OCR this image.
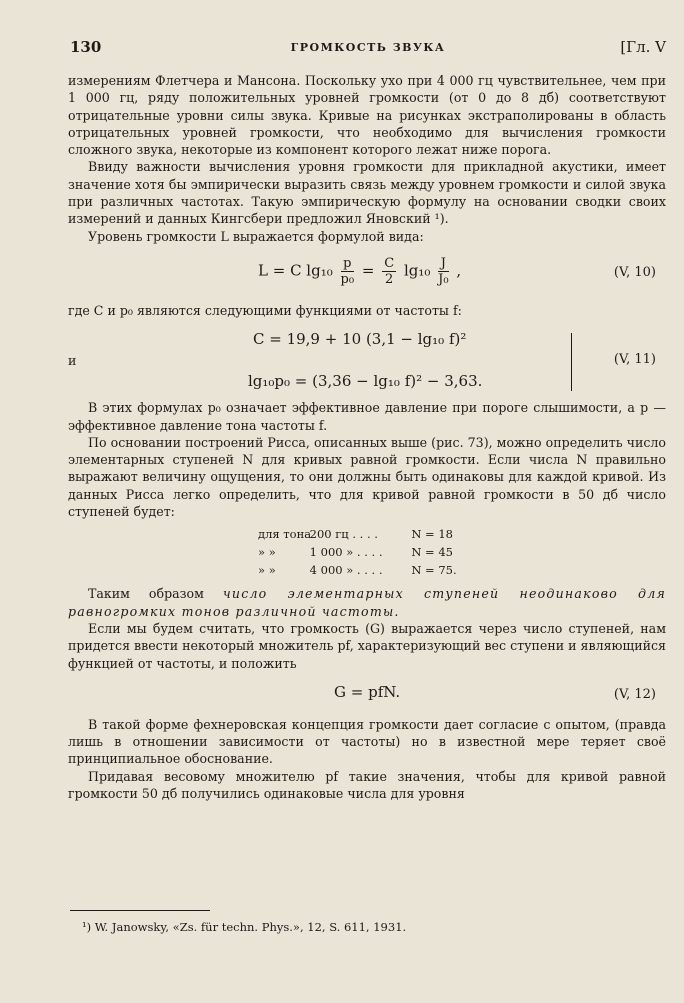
130	ГРОМКОСТЬ ЗВУКА	[Гл. V

измерениям Флетчера и Мансона. Поскольку ухо при 4 000 гц чувствительнее, чем при 1 000 гц, ряду положительных уровней громкости (от 0 до 8 дб) соответствуют отрицательные уровни силы звука. Кривые на рисунках экстраполированы в область отрицательных уровней громкости, что необходимо для вычисления громкости сложного звука, некоторые из компонент которого лежат ниже порога.

Ввиду важности вычисления уровня громкости для прикладной акустики, имеет значение хотя бы эмпирически выразить связь между уровнем громкости и силой звука при различных частотах. Такую эмпирическую формулу на основании сводки своих измерений и данных Кингсбери предложил Яновский ¹).

Уровень громкости L выражается формулой вида:

L = C $\lg_{10} \frac{p}{\text{p₀}} = \frac{C}{2} \lg_{10} \frac{J}{\text{J₀}}$ ,	(V, 10)

где C и p₀ являются следующими функциями от частоты f:

C = 19,9 + 10 (3,1 − lg₁₀ f)²
и
lg₁₀p₀ = (3,36 − lg₁₀ f)² − 3,63.
(V, 11)

В этих формулах p₀ означает эффективное давление при пороге слышимости, а p — эффективное давление тона частоты f.

По основании построений Рисса, описанных выше (рис. 73), можно определить число элементарных ступеней N для кривых равной громкости. Если числа N правильно выражают величину ощущения, то они должны быть одинаковы для каждой кривой. Из данных Рисса легко определить, что для кривой равной громкости в 50 дб число ступеней будет:

для тона 200 гц . . . .	N = 18
» »	1 000 » . . . .	N = 45
» »	4 000 » . . . .	N = 75.

Таким образом число элементарных ступеней неодинаково для равногромких тонов различной частоты.

Если мы будем считать, что громкость (G) выражается через число ступеней, нам придется ввести некоторый множитель pf, характеризующий вес ступени и являющийся функцией от частоты, и положить

G = pfN.	(V, 12)

В такой форме фехнеровская концепция громкости дает согласие с опытом, (правда лишь в отношении зависимости от частоты) но в известной мере теряет своё принципиальное обоснование.

Придавая весовому множителю pf такие значения, чтобы для кривой равной громкости 50 дб получились одинаковые числа для уровня

¹) W. Janowsky, «Zs. für techn. Phys.», 12, S. 611, 1931.
